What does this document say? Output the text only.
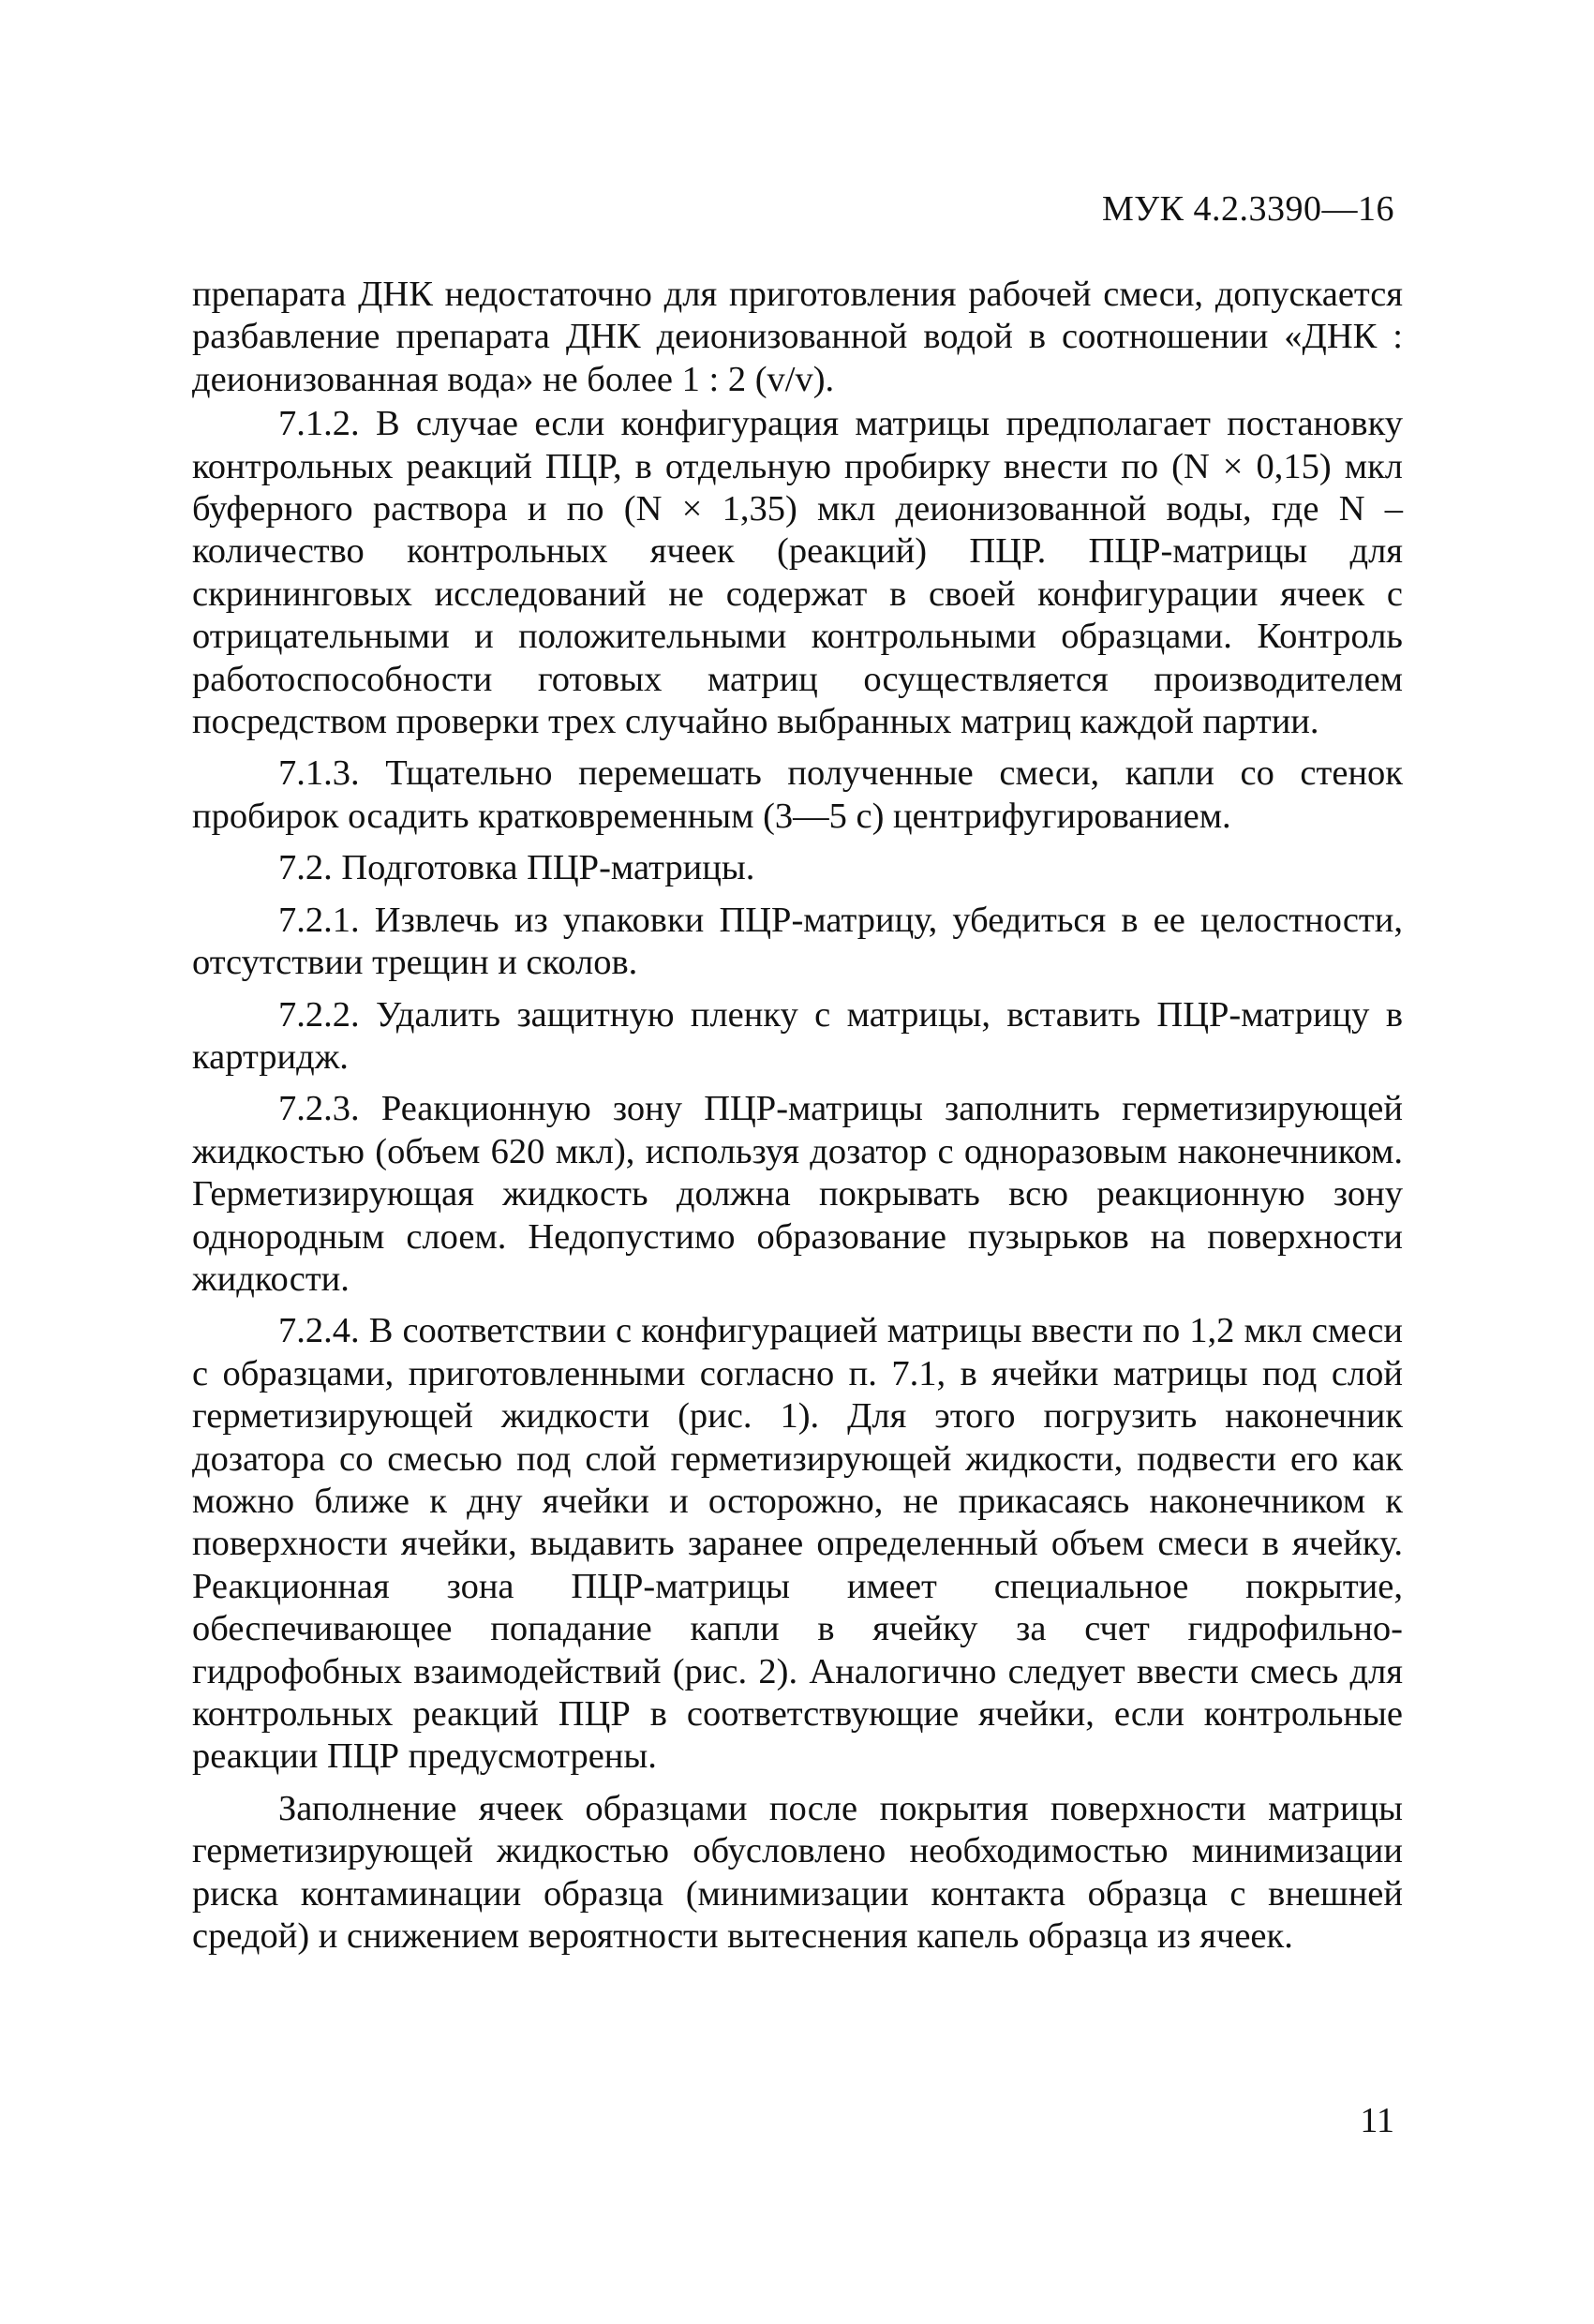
МУК 4.2.3390—16

препарата ДНК недостаточно для приготовления рабочей смеси, допускается разбавление препарата ДНК деионизованной водой в соотношении «ДНК : деионизованная вода» не более 1 : 2 (v/v).

7.1.2. В случае если конфигурация матрицы предполагает постановку контрольных реакций ПЦР, в отдельную пробирку внести по (N × 0,15) мкл буферного раствора и по (N × 1,35) мкл деионизованной воды, где N – количество контрольных ячеек (реакций) ПЦР. ПЦР-матрицы для скрининговых исследований не содержат в своей конфигурации ячеек с отрицательными и положительными контрольными образцами. Контроль работоспособности готовых матриц осуществляется производителем посредством проверки трех случайно выбранных матриц каждой партии.

7.1.3. Тщательно перемешать полученные смеси, капли со стенок пробирок осадить кратковременным (3—5 с) центрифугированием.

7.2. Подготовка ПЦР-матрицы.

7.2.1. Извлечь из упаковки ПЦР-матрицу, убедиться в ее целостности, отсутствии трещин и сколов.

7.2.2. Удалить защитную пленку с матрицы, вставить ПЦР-матрицу в картридж.

7.2.3. Реакционную зону ПЦР-матрицы заполнить герметизирующей жидкостью (объем 620 мкл), используя дозатор с одноразовым наконечником. Герметизирующая жидкость должна покрывать всю реакционную зону однородным слоем. Недопустимо образование пузырьков на поверхности жидкости.

7.2.4. В соответствии с конфигурацией матрицы ввести по 1,2 мкл смеси с образцами, приготовленными согласно п. 7.1, в ячейки матрицы под слой герметизирующей жидкости (рис. 1). Для этого погрузить наконечник дозатора со смесью под слой герметизирующей жидкости, подвести его как можно ближе к дну ячейки и осторожно, не прикасаясь наконечником к поверхности ячейки, выдавить заранее определенный объем смеси в ячейку. Реакционная зона ПЦР-матрицы имеет специальное покрытие, обеспечивающее попадание капли в ячейку за счет гидрофильно-гидрофобных взаимодействий (рис. 2). Аналогично следует ввести смесь для контрольных реакций ПЦР в соответствующие ячейки, если контрольные реакции ПЦР предусмотрены.

Заполнение ячеек образцами после покрытия поверхности матрицы герметизирующей жидкостью обусловлено необходимостью минимизации риска контаминации образца (минимизации контакта образца с внешней средой) и снижением вероятности вытеснения капель образца из ячеек.

11
